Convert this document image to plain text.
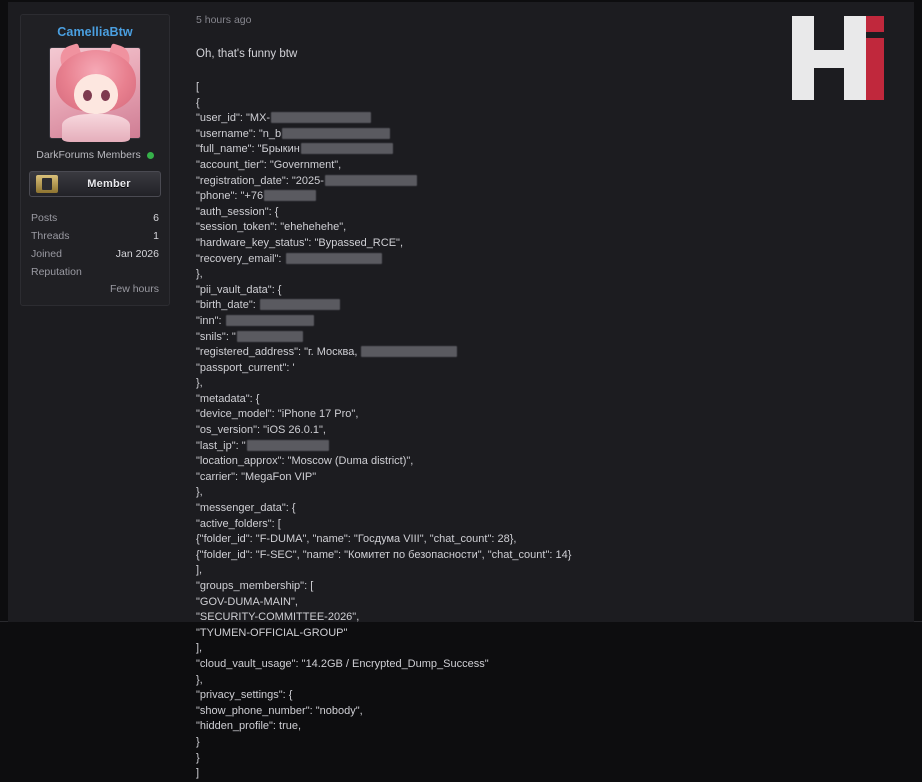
CamelliaBtw
DarkForums Members
Member
Posts	6
Threads	1
Joined	Jan 2026
Reputation
Few hours
5 hours ago
Oh, that's funny btw
[
{
"user_id": "MX-
"username": "n_b
"full_name": "Брыкин
"account_tier": "Government",
"registration_date": "2025-
"phone": "+76
"auth_session": {
"session_token": "ehehehehe",
"hardware_key_status": "Bypassed_RCE",
"recovery_email":
},
"pii_vault_data": {
"birth_date":
"inn":
"snils": "
"registered_address": "г. Москва,
"passport_current": '
},
"metadata": {
"device_model": "iPhone 17 Pro",
"os_version": "iOS 26.0.1",
"last_ip": "
"location_approx": "Moscow (Duma district)",
"carrier": "MegaFon VIP"
},
"messenger_data": {
"active_folders": [
{"folder_id": "F-DUMA", "name": "Госдума VIII", "chat_count": 28},
{"folder_id": "F-SEC", "name": "Комитет по безопасности", "chat_count": 14}
],
"groups_membership": [
"GOV-DUMA-MAIN",
"SECURITY-COMMITTEE-2026",
"TYUMEN-OFFICIAL-GROUP"
],
"cloud_vault_usage": "14.2GB / Encrypted_Dump_Success"
},
"privacy_settings": {
"show_phone_number": "nobody",
"hidden_profile": true,
}
}
]
